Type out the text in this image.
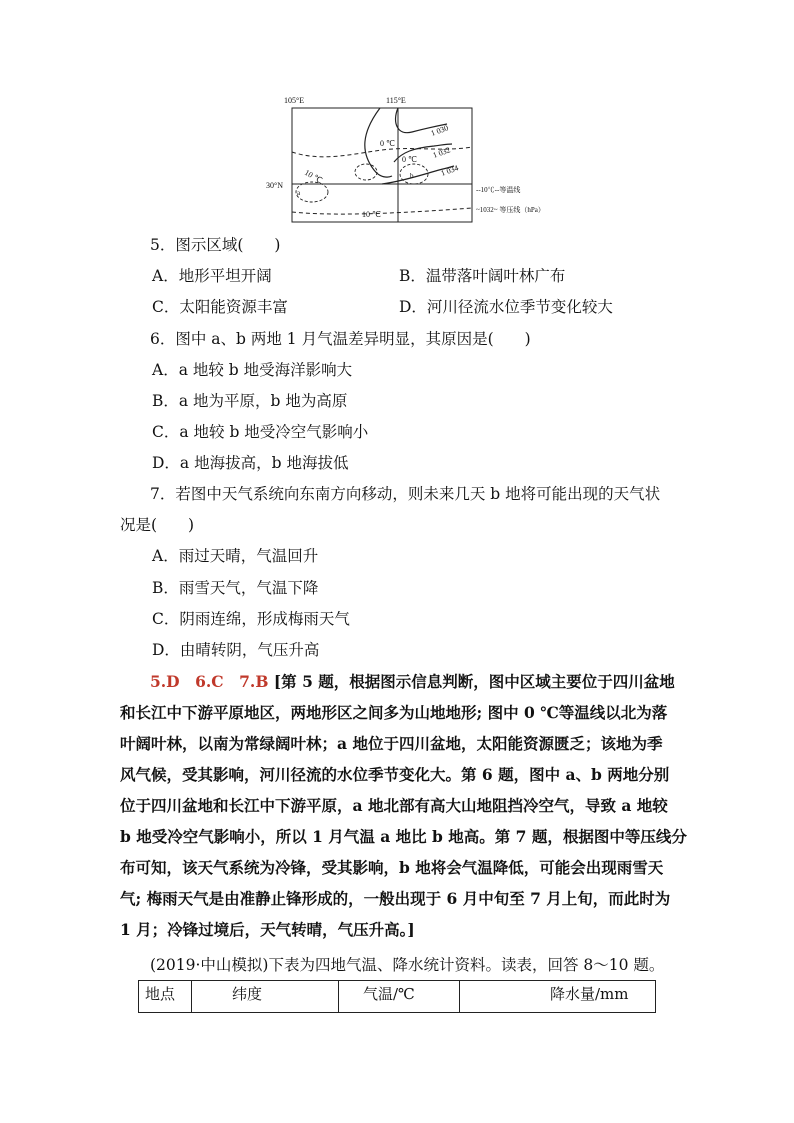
105°E	115°E
30°N
1 030
1 032
1 034
0 ℃
0 ℃
10 ℃
10 ℃
a
b
--10℃--等温线
~1032~ 等压线（hPa）
5．图示区域(　　)
A．地形平坦开阔	B．温带落叶阔叶林广布
C．太阳能资源丰富	D．河川径流水位季节变化较大
6．图中 a、b 两地 1 月气温差异明显，其原因是(　　)
A．a 地较 b 地受海洋影响大
B．a 地为平原，b 地为高原
C．a 地较 b 地受冷空气影响小
D．a 地海拔高，b 地海拔低
7．若图中天气系统向东南方向移动，则未来几天 b 地将可能出现的天气状
况是(　　)
A．雨过天晴，气温回升
B．雨雪天气，气温下降
C．阴雨连绵，形成梅雨天气
D．由晴转阴，气压升高
5.D　6.C　7.B [第 5 题，根据图示信息判断，图中区域主要位于四川盆地
和长江中下游平原地区，两地形区之间多为山地地形; 图中 0 ℃等温线以北为落
叶阔叶林，以南为常绿阔叶林；a 地位于四川盆地，太阳能资源匮乏；该地为季
风气候，受其影响，河川径流的水位季节变化大。第 6 题，图中 a、b 两地分别
位于四川盆地和长江中下游平原，a 地北部有高大山地阻挡冷空气，导致 a 地较
b 地受冷空气影响小，所以 1 月气温 a 地比 b 地高。第 7 题，根据图中等压线分
布可知，该天气系统为冷锋，受其影响，b 地将会气温降低，可能会出现雨雪天
气; 梅雨天气是由准静止锋形成的，一般出现于 6 月中旬至 7 月上旬，而此时为
1 月；冷锋过境后，天气转晴，气压升高。]
(2019·中山模拟)下表为四地气温、降水统计资料。读表，回答 8～10 题。
地点	纬度	气温/℃	降水量/mm
